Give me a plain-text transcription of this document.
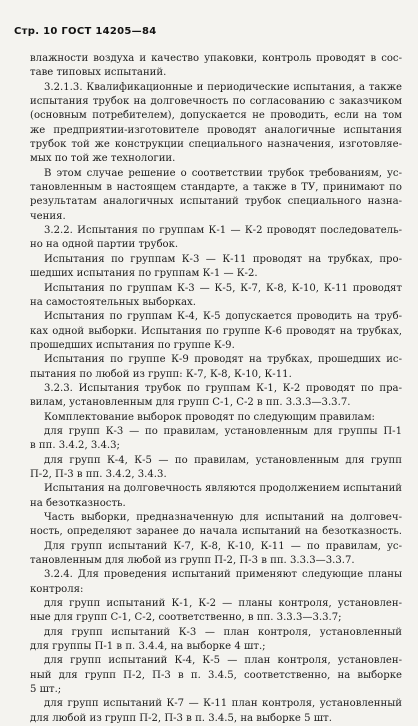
Стр. 10 ГОСТ 14205—84
влажности воздуха и качество упаковки, контроль проводят в сос-
таве типовых испытаний.
3.2.1.3. Квалификационные и периодические испытания, а также
испытания трубок на долговечность по согласованию с заказчиком
(основным потребителем), допускается не проводить, если на том
же предприятии-изготовителе проводят аналогичные испытания
трубок той же конструкции специального назначения, изготовляе-
мых по той же технологии.
В этом случае решение о соответствии трубок требованиям, ус-
тановленным в настоящем стандарте, а также в ТУ, принимают по
результатам аналогичных испытаний трубок специального назна-
чения.
3.2.2. Испытания по группам К-1 — К-2 проводят последователь-
но на одной партии трубок.
Испытания по группам К-3 — К-11 проводят на трубках, про-
шедших испытания по группам К-1 — К-2.
Испытания по группам К-3 — К-5, К-7, К-8, К-10, К-11 проводят
на самостоятельных выборках.
Испытания по группам К-4, К-5 допускается проводить на труб-
ках одной выборки. Испытания по группе К-6 проводят на трубках,
прошедших испытания по группе К-9.
Испытания по группе К-9 проводят на трубках, прошедших ис-
пытания по любой из групп: К-7, К-8, К-10, К-11.
3.2.3. Испытания трубок по группам К-1, К-2 проводят по пра-
вилам, установленным для групп С-1, С-2 в пп. 3.3.3—3.3.7.
Комплектование выборок проводят по следующим правилам:
для групп К-3 — по правилам, установленным для группы П-1
в пп. 3.4.2, 3.4.3;
для групп К-4, К-5 — по правилам, установленным для групп
П-2, П-3 в пп. 3.4.2, 3.4.3.
Испытания на долговечность являются продолжением испытаний
на безотказность.
Часть выборки, предназначенную для испытаний на долговеч-
ность, определяют заранее до начала испытаний на безотказность.
Для групп испытаний К-7, К-8, К-10, К-11 — по правилам, ус-
тановленным для любой из групп П-2, П-3 в пп. 3.3.3—3.3.7.
3.2.4. Для проведения испытаний применяют следующие планы
контроля:
для групп испытаний К-1, К-2 — планы контроля, установлен-
ные для групп С-1, С-2, соответственно, в пп. 3.3.3—3.3.7;
для групп испытаний К-3 — план контроля, установленный
для группы П-1 в п. 3.4.4, на выборке 4 шт.;
для групп испытаний К-4, К-5 — план контроля, установлен-
ный для групп П-2, П-3 в п. 3.4.5, соответственно, на выборке
5 шт.;
для групп испытаний К-7 — К-11 план контроля, установленный
для любой из групп П-2, П-3 в п. 3.4.5, на выборке 5 шт.
